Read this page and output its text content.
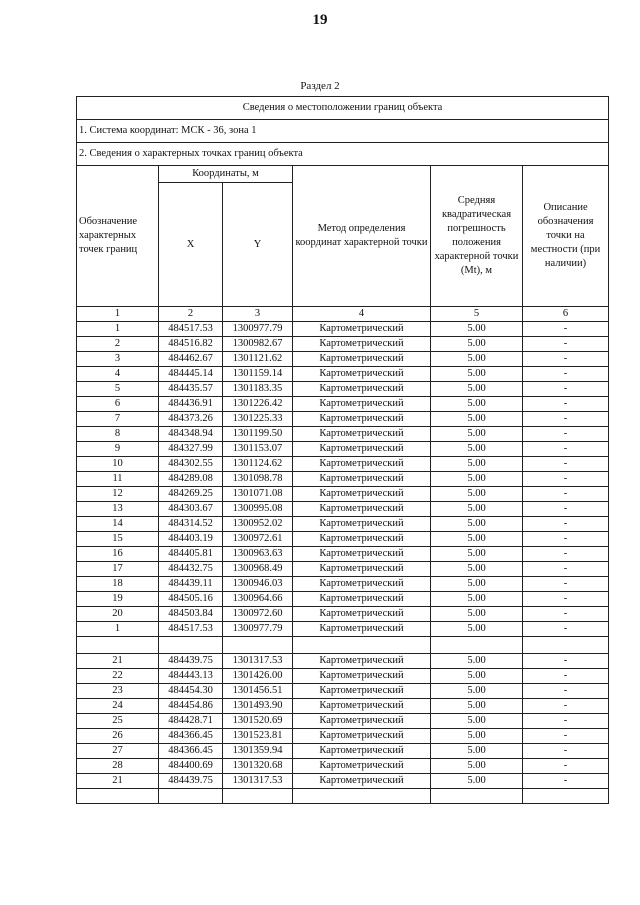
19
Раздел 2
Сведения о местоположении границ объекта					
1. Система координат: МСК - 36, зона 1					
2. Сведения о характерных точках границ объекта					
Обозначение характерных точек границ	Координаты, м		Метод определения координат характерной точки	Средняя квадратическая погрешность положения характерной точки (Mt), м	Описание обозначения точки на местности (при наличии)
	X	Y			
1	2	3	4	5	6
1	484517.53	1300977.79	Картометрический	5.00	-
2	484516.82	1300982.67	Картометрический	5.00	-
3	484462.67	1301121.62	Картометрический	5.00	-
4	484445.14	1301159.14	Картометрический	5.00	-
5	484435.57	1301183.35	Картометрический	5.00	-
6	484436.91	1301226.42	Картометрический	5.00	-
7	484373.26	1301225.33	Картометрический	5.00	-
8	484348.94	1301199.50	Картометрический	5.00	-
9	484327.99	1301153.07	Картометрический	5.00	-
10	484302.55	1301124.62	Картометрический	5.00	-
11	484289.08	1301098.78	Картометрический	5.00	-
12	484269.25	1301071.08	Картометрический	5.00	-
13	484303.67	1300995.08	Картометрический	5.00	-
14	484314.52	1300952.02	Картометрический	5.00	-
15	484403.19	1300972.61	Картометрический	5.00	-
16	484405.81	1300963.63	Картометрический	5.00	-
17	484432.75	1300968.49	Картометрический	5.00	-
18	484439.11	1300946.03	Картометрический	5.00	-
19	484505.16	1300964.66	Картометрический	5.00	-
20	484503.84	1300972.60	Картометрический	5.00	-
1	484517.53	1300977.79	Картометрический	5.00	-

21	484439.75	1301317.53	Картометрический	5.00	-
22	484443.13	1301426.00	Картометрический	5.00	-
23	484454.30	1301456.51	Картометрический	5.00	-
24	484454.86	1301493.90	Картометрический	5.00	-
25	484428.71	1301520.69	Картометрический	5.00	-
26	484366.45	1301523.81	Картометрический	5.00	-
27	484366.45	1301359.94	Картометрический	5.00	-
28	484400.69	1301320.68	Картометрический	5.00	-
21	484439.75	1301317.53	Картометрический	5.00	-
